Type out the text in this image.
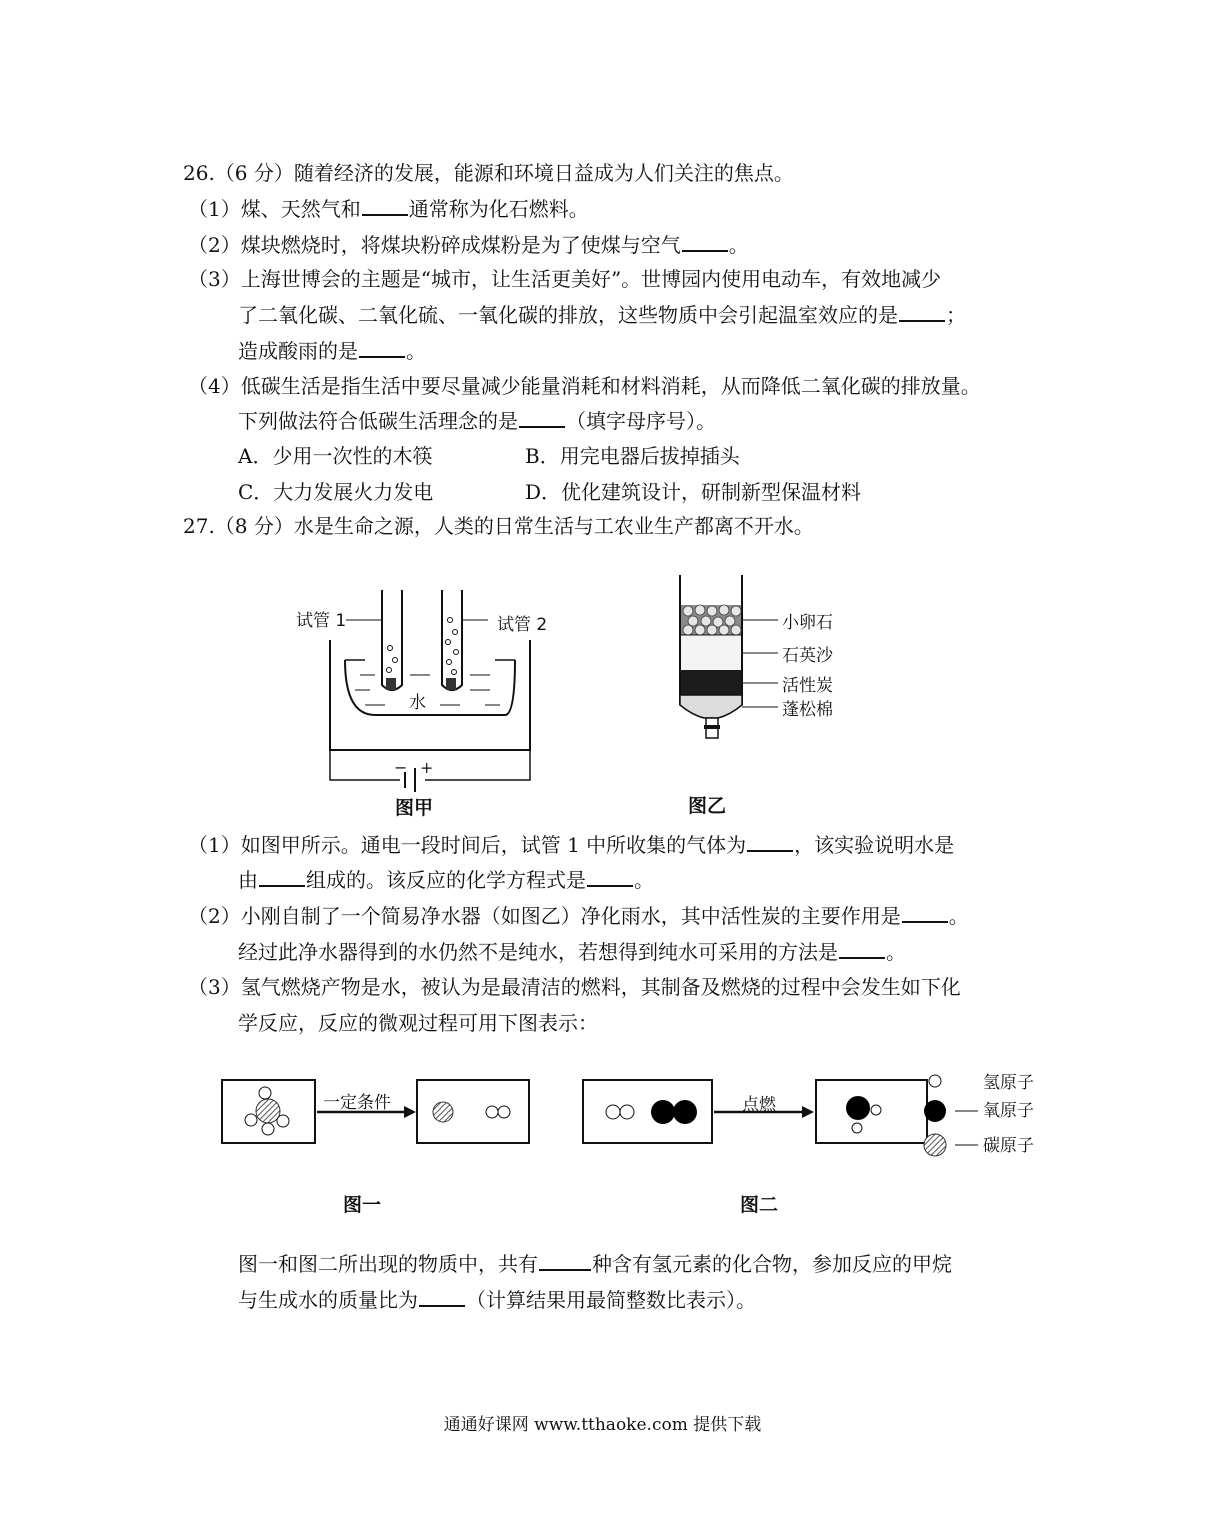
26.（6 分）随着经济的发展，能源和环境日益成为人们关注的焦点。
（1）煤、天然气和 通常称为化石燃料。
（2）煤块燃烧时，将煤块粉碎成煤粉是为了使煤与空气 。
（3）上海世博会的主题是“城市，让生活更美好”。世博园内使用电动车，有效地减少
了二氧化碳、二氧化硫、一氧化碳的排放，这些物质中会引起温室效应的是 ；
造成酸雨的是 。
（4）低碳生活是指生活中要尽量减少能量消耗和材料消耗，从而降低二氧化碳的排放量。
下列做法符合低碳生活理念的是 （填字母序号）。
A．少用一次性的木筷	B．用完电器后拔掉插头
C．大力发展火力发电	D．优化建筑设计，研制新型保温材料
27.（8 分）水是生命之源，人类的日常生活与工农业生产都离不开水。
− +
水
试管 1	试管 2
图甲
小卵石
石英沙
活性炭
蓬松棉
图乙
（1）如图甲所示。通电一段时间后，试管 1 中所收集的气体为 ，该实验说明水是
由 组成的。该反应的化学方程式是 。
（2）小刚自制了一个简易净水器（如图乙）净化雨水，其中活性炭的主要作用是 。
经过此净水器得到的水仍然不是纯水，若想得到纯水可采用的方法是 。
（3）氢气燃烧产物是水，被认为是最清洁的燃料，其制备及燃烧的过程中会发生如下化
学反应，反应的微观过程可用下图表示：
一定条件	点燃
氢原子
氧原子
碳原子
图一	图二
图一和图二所出现的物质中，共有	种含有氢元素的化合物，参加反应的甲烷
与生成水的质量比为 （计算结果用最简整数比表示）。
通通好课网 www.tthaoke.com 提供下载
